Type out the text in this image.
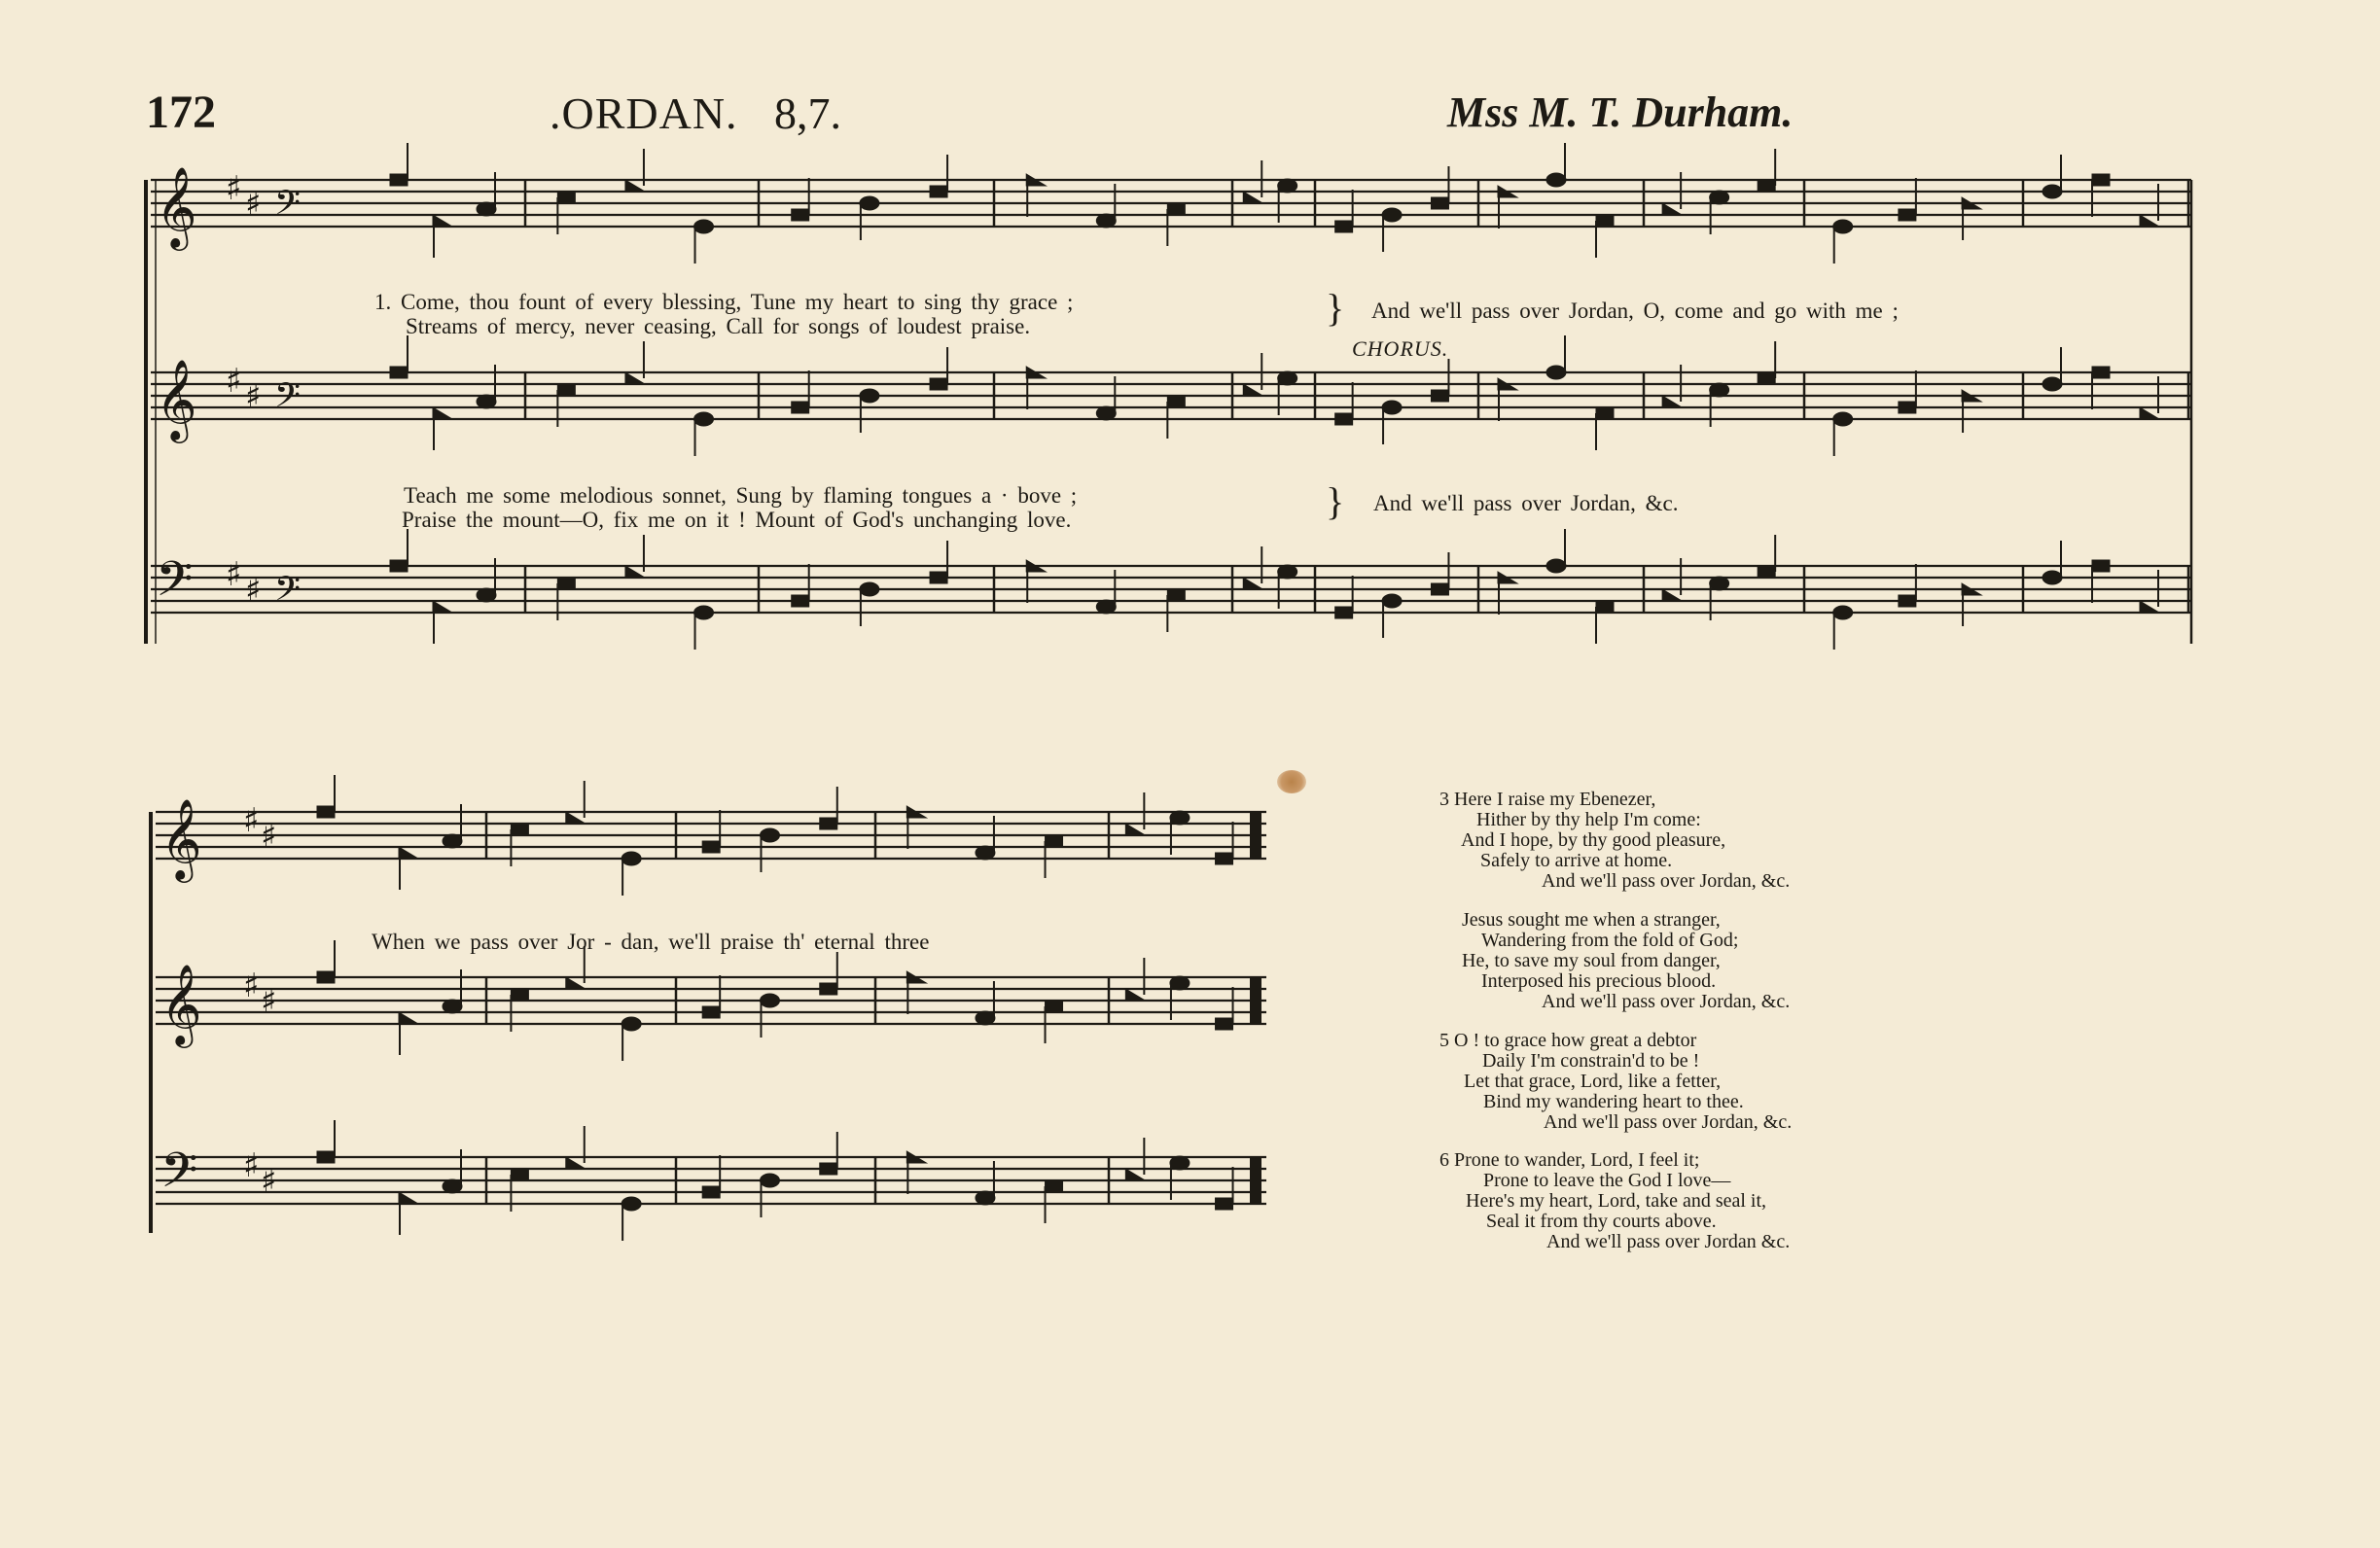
172	.ORDAN. 8,7.	Mss M. T. Durham.
𝄞 ♯ ♯ 𝄢
𝄞 ♯ ♯ 𝄢
𝄢 ♯ ♯ 𝄢
𝄞 ♯ ♯
𝄞 ♯ ♯
𝄢 ♯ ♯
1. Come, thou fount of every blessing, Tune my heart to sing thy grace ;
Streams of mercy, never ceasing, Call for songs of loudest praise.	} And we'll pass over Jordan, O, come and go with me ;
CHORUS.
Teach me some melodious sonnet, Sung by flaming tongues a · bove ;
Praise the mount—O, fix me on it ! Mount of God's unchanging love.	} And we'll pass over Jordan, &c.
When we pass over Jor - dan, we'll praise th' eternal three
3 Here I raise my Ebenezer,
Hither by thy help I'm come:
And I hope, by thy good pleasure,
Safely to arrive at home.
And we'll pass over Jordan, &c.
Jesus sought me when a stranger,
Wandering from the fold of God;
He, to save my soul from danger,
Interposed his precious blood.
And we'll pass over Jordan, &c.
5 O ! to grace how great a debtor
Daily I'm constrain'd to be !
Let that grace, Lord, like a fetter,
Bind my wandering heart to thee.
And we'll pass over Jordan, &c.
6 Prone to wander, Lord, I feel it;
Prone to leave the God I love—
Here's my heart, Lord, take and seal it,
Seal it from thy courts above.
And we'll pass over Jordan &c.
